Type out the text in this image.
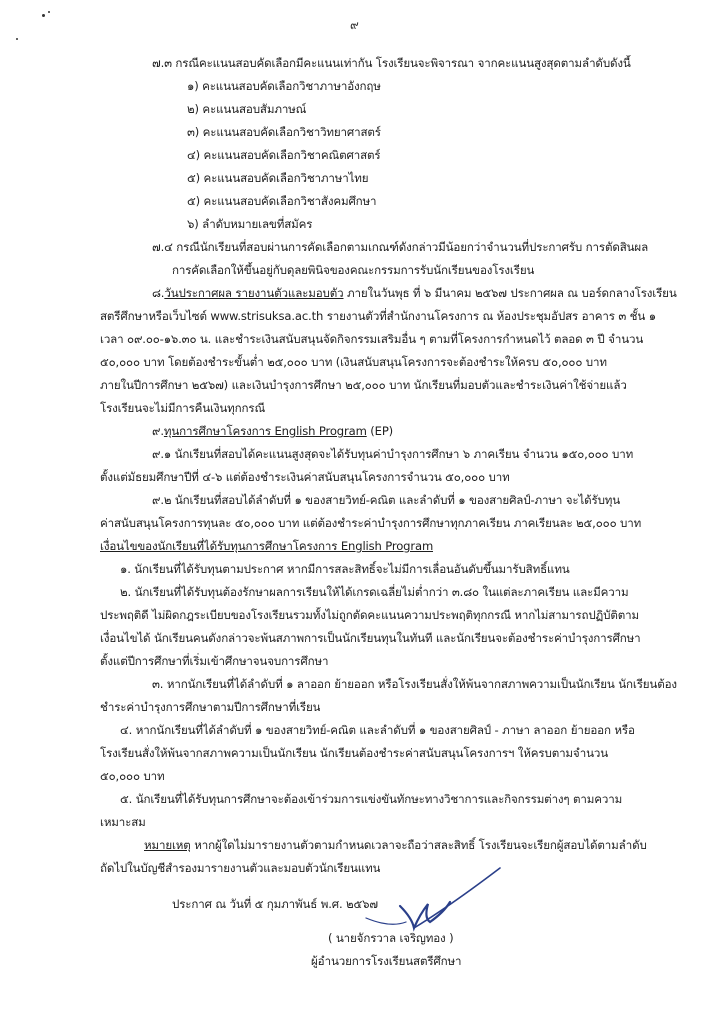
๙
๗.๓ กรณีคะแนนสอบคัดเลือกมีคะแนนเท่ากัน โรงเรียนจะพิจารณา จากคะแนนสูงสุดตามลำดับดังนี้
๑) คะแนนสอบคัดเลือกวิชาภาษาอังกฤษ
๒) คะแนนสอบสัมภาษณ์
๓) คะแนนสอบคัดเลือกวิชาวิทยาศาสตร์
๔) คะแนนสอบคัดเลือกวิชาคณิตศาสตร์
๕) คะแนนสอบคัดเลือกวิชาภาษาไทย
๕) คะแนนสอบคัดเลือกวิชาสังคมศึกษา
๖) ลำดับหมายเลขที่สมัคร
๗.๔ กรณีนักเรียนที่สอบผ่านการคัดเลือกตามเกณฑ์ดังกล่าวมีน้อยกว่าจำนวนที่ประกาศรับ การตัดสินผล
การคัดเลือกให้ขึ้นอยู่กับดุลยพินิจของคณะกรรมการรับนักเรียนของโรงเรียน
๘.วันประกาศผล รายงานตัวและมอบตัว ภายในวันพุธ ที่ ๖ มีนาคม ๒๕๖๗ ประกาศผล ณ บอร์ดกลางโรงเรียน
สตรีศึกษาหรือเว็บไซต์ www.strisuksa.ac.th รายงานตัวที่สำนักงานโครงการ ณ ห้องประชุมอัปสร อาคาร ๓ ชั้น ๑
เวลา ๐๙.๐๐-๑๖.๓๐ น. และชำระเงินสนับสนุนจัดกิจกรรมเสริมอื่น ๆ ตามที่โครงการกำหนดไว้ ตลอด ๓ ปี จำนวน
๕๐,๐๐๐ บาท โดยต้องชำระขั้นต่ำ ๒๕,๐๐๐ บาท (เงินสนับสนุนโครงการจะต้องชำระให้ครบ ๕๐,๐๐๐ บาท
ภายในปีการศึกษา ๒๕๖๗) และเงินบำรุงการศึกษา ๒๕,๐๐๐ บาท นักเรียนที่มอบตัวและชำระเงินค่าใช้จ่ายแล้ว
โรงเรียนจะไม่มีการคืนเงินทุกกรณี
๙.ทุนการศึกษาโครงการ English Program (EP)
๙.๑ นักเรียนที่สอบได้คะแนนสูงสุดจะได้รับทุนค่าบำรุงการศึกษา ๖ ภาคเรียน จำนวน ๑๕๐,๐๐๐ บาท
ตั้งแต่มัธยมศึกษาปีที่ ๔-๖ แต่ต้องชำระเงินค่าสนับสนุนโครงการจำนวน ๕๐,๐๐๐ บาท
๙.๒ นักเรียนที่สอบได้ลำดับที่ ๑ ของสายวิทย์-คณิต และลำดับที่ ๑ ของสายศิลป์-ภาษา จะได้รับทุน
ค่าสนับสนุนโครงการทุนละ ๕๐,๐๐๐ บาท แต่ต้องชำระค่าบำรุงการศึกษาทุกภาคเรียน ภาคเรียนละ ๒๕,๐๐๐ บาท
เงื่อนไขของนักเรียนที่ได้รับทุนการศึกษาโครงการ English Program
๑. นักเรียนที่ได้รับทุนตามประกาศ หากมีการสละสิทธิ์จะไม่มีการเลื่อนอันดับขึ้นมารับสิทธิ์แทน
๒. นักเรียนที่ได้รับทุนต้องรักษาผลการเรียนให้ได้เกรดเฉลี่ยไม่ต่ำกว่า ๓.๘๐ ในแต่ละภาคเรียน และมีความ
ประพฤติดี ไม่ผิดกฎระเบียบของโรงเรียนรวมทั้งไม่ถูกตัดคะแนนความประพฤติทุกกรณี หากไม่สามารถปฏิบัติตาม
เงื่อนไขได้ นักเรียนคนดังกล่าวจะพ้นสภาพการเป็นนักเรียนทุนในทันที และนักเรียนจะต้องชำระค่าบำรุงการศึกษา
ตั้งแต่ปีการศึกษาที่เริ่มเข้าศึกษาจนจบการศึกษา
๓. หากนักเรียนที่ได้ลำดับที่ ๑ ลาออก ย้ายออก หรือโรงเรียนสั่งให้พ้นจากสภาพความเป็นนักเรียน นักเรียนต้อง
ชำระค่าบำรุงการศึกษาตามปีการศึกษาที่เรียน
๔. หากนักเรียนที่ได้ลำดับที่ ๑ ของสายวิทย์-คณิต และลำดับที่ ๑ ของสายศิลป์ - ภาษา ลาออก ย้ายออก หรือ
โรงเรียนสั่งให้พ้นจากสภาพความเป็นนักเรียน นักเรียนต้องชำระค่าสนับสนุนโครงการฯ ให้ครบตามจำนวน
๕๐,๐๐๐ บาท
๕. นักเรียนที่ได้รับทุนการศึกษาจะต้องเข้าร่วมการแข่งขันทักษะทางวิชาการและกิจกรรมต่างๆ ตามความ
เหมาะสม
หมายเหตุ หากผู้ใดไม่มารายงานตัวตามกำหนดเวลาจะถือว่าสละสิทธิ์ โรงเรียนจะเรียกผู้สอบได้ตามลำดับ
ถัดไปในบัญชีสำรองมารายงานตัวและมอบตัวนักเรียนแทน
ประกาศ ณ วันที่ ๕ กุมภาพันธ์ พ.ศ. ๒๕๖๗
( นายจักรวาล เจริญทอง )
ผู้อำนวยการโรงเรียนสตรีศึกษา
